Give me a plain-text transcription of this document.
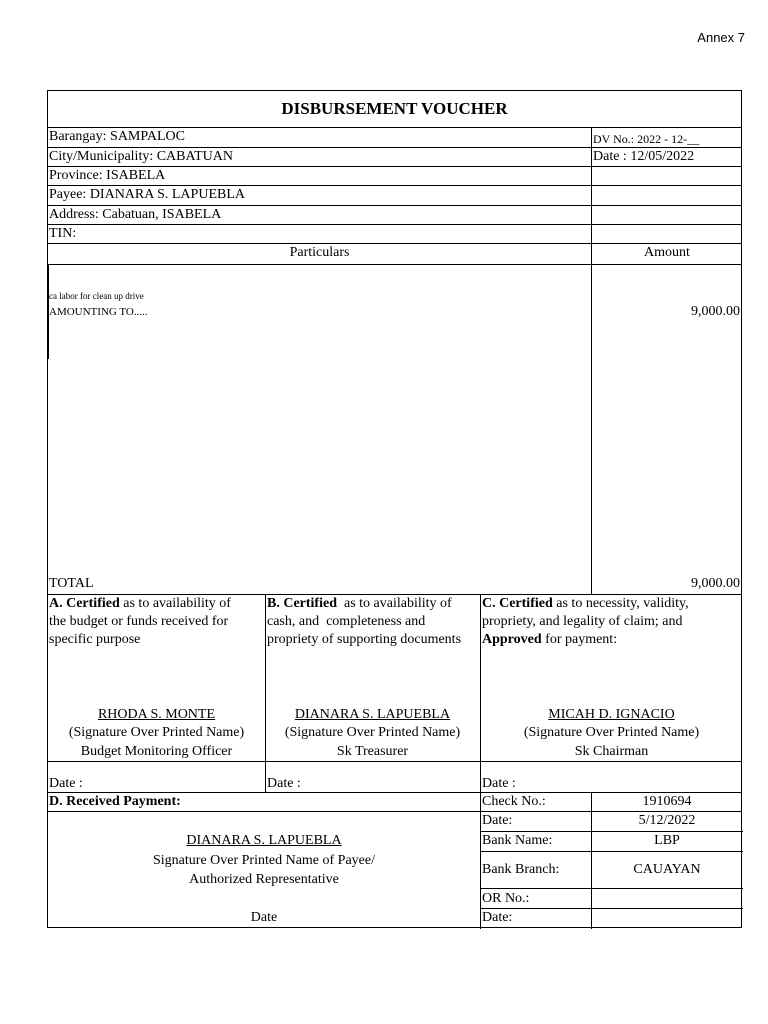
Annex 7
DISBURSEMENT VOUCHER
Barangay: SAMPALOC
City/Municipality: CABATUAN
Province: ISABELA
Payee: DIANARA S. LAPUEBLA
Address: Cabatuan, ISABELA
TIN:
DV No.: 2022 - 12-__
Date : 12/05/2022
Particulars	Amount
ca labor for clean up drive
AMOUNTING TO.....	9,000.00
TOTAL	9,000.00
A. Certified as to availability of
the budget or funds received for
specific purpose
RHODA S. MONTE
(Signature Over Printed Name)
Budget Monitoring Officer
Date :
B. Certified  as to availability of
cash, and  completeness and
propriety of supporting documents
DIANARA S. LAPUEBLA
(Signature Over Printed Name)
Sk Treasurer
Date :
C. Certified as to necessity, validity,
propriety, and legality of claim; and
Approved for payment:
MICAH D. IGNACIO
(Signature Over Printed Name)
Sk Chairman
Date :
D. Received Payment:
DIANARA S. LAPUEBLA
Signature Over Printed Name of Payee/
Authorized Representative
Date
Check No.:	1910694
Date:	5/12/2022
Bank Name:	LBP
Bank Branch:	CAUAYAN
OR No.:
Date:
